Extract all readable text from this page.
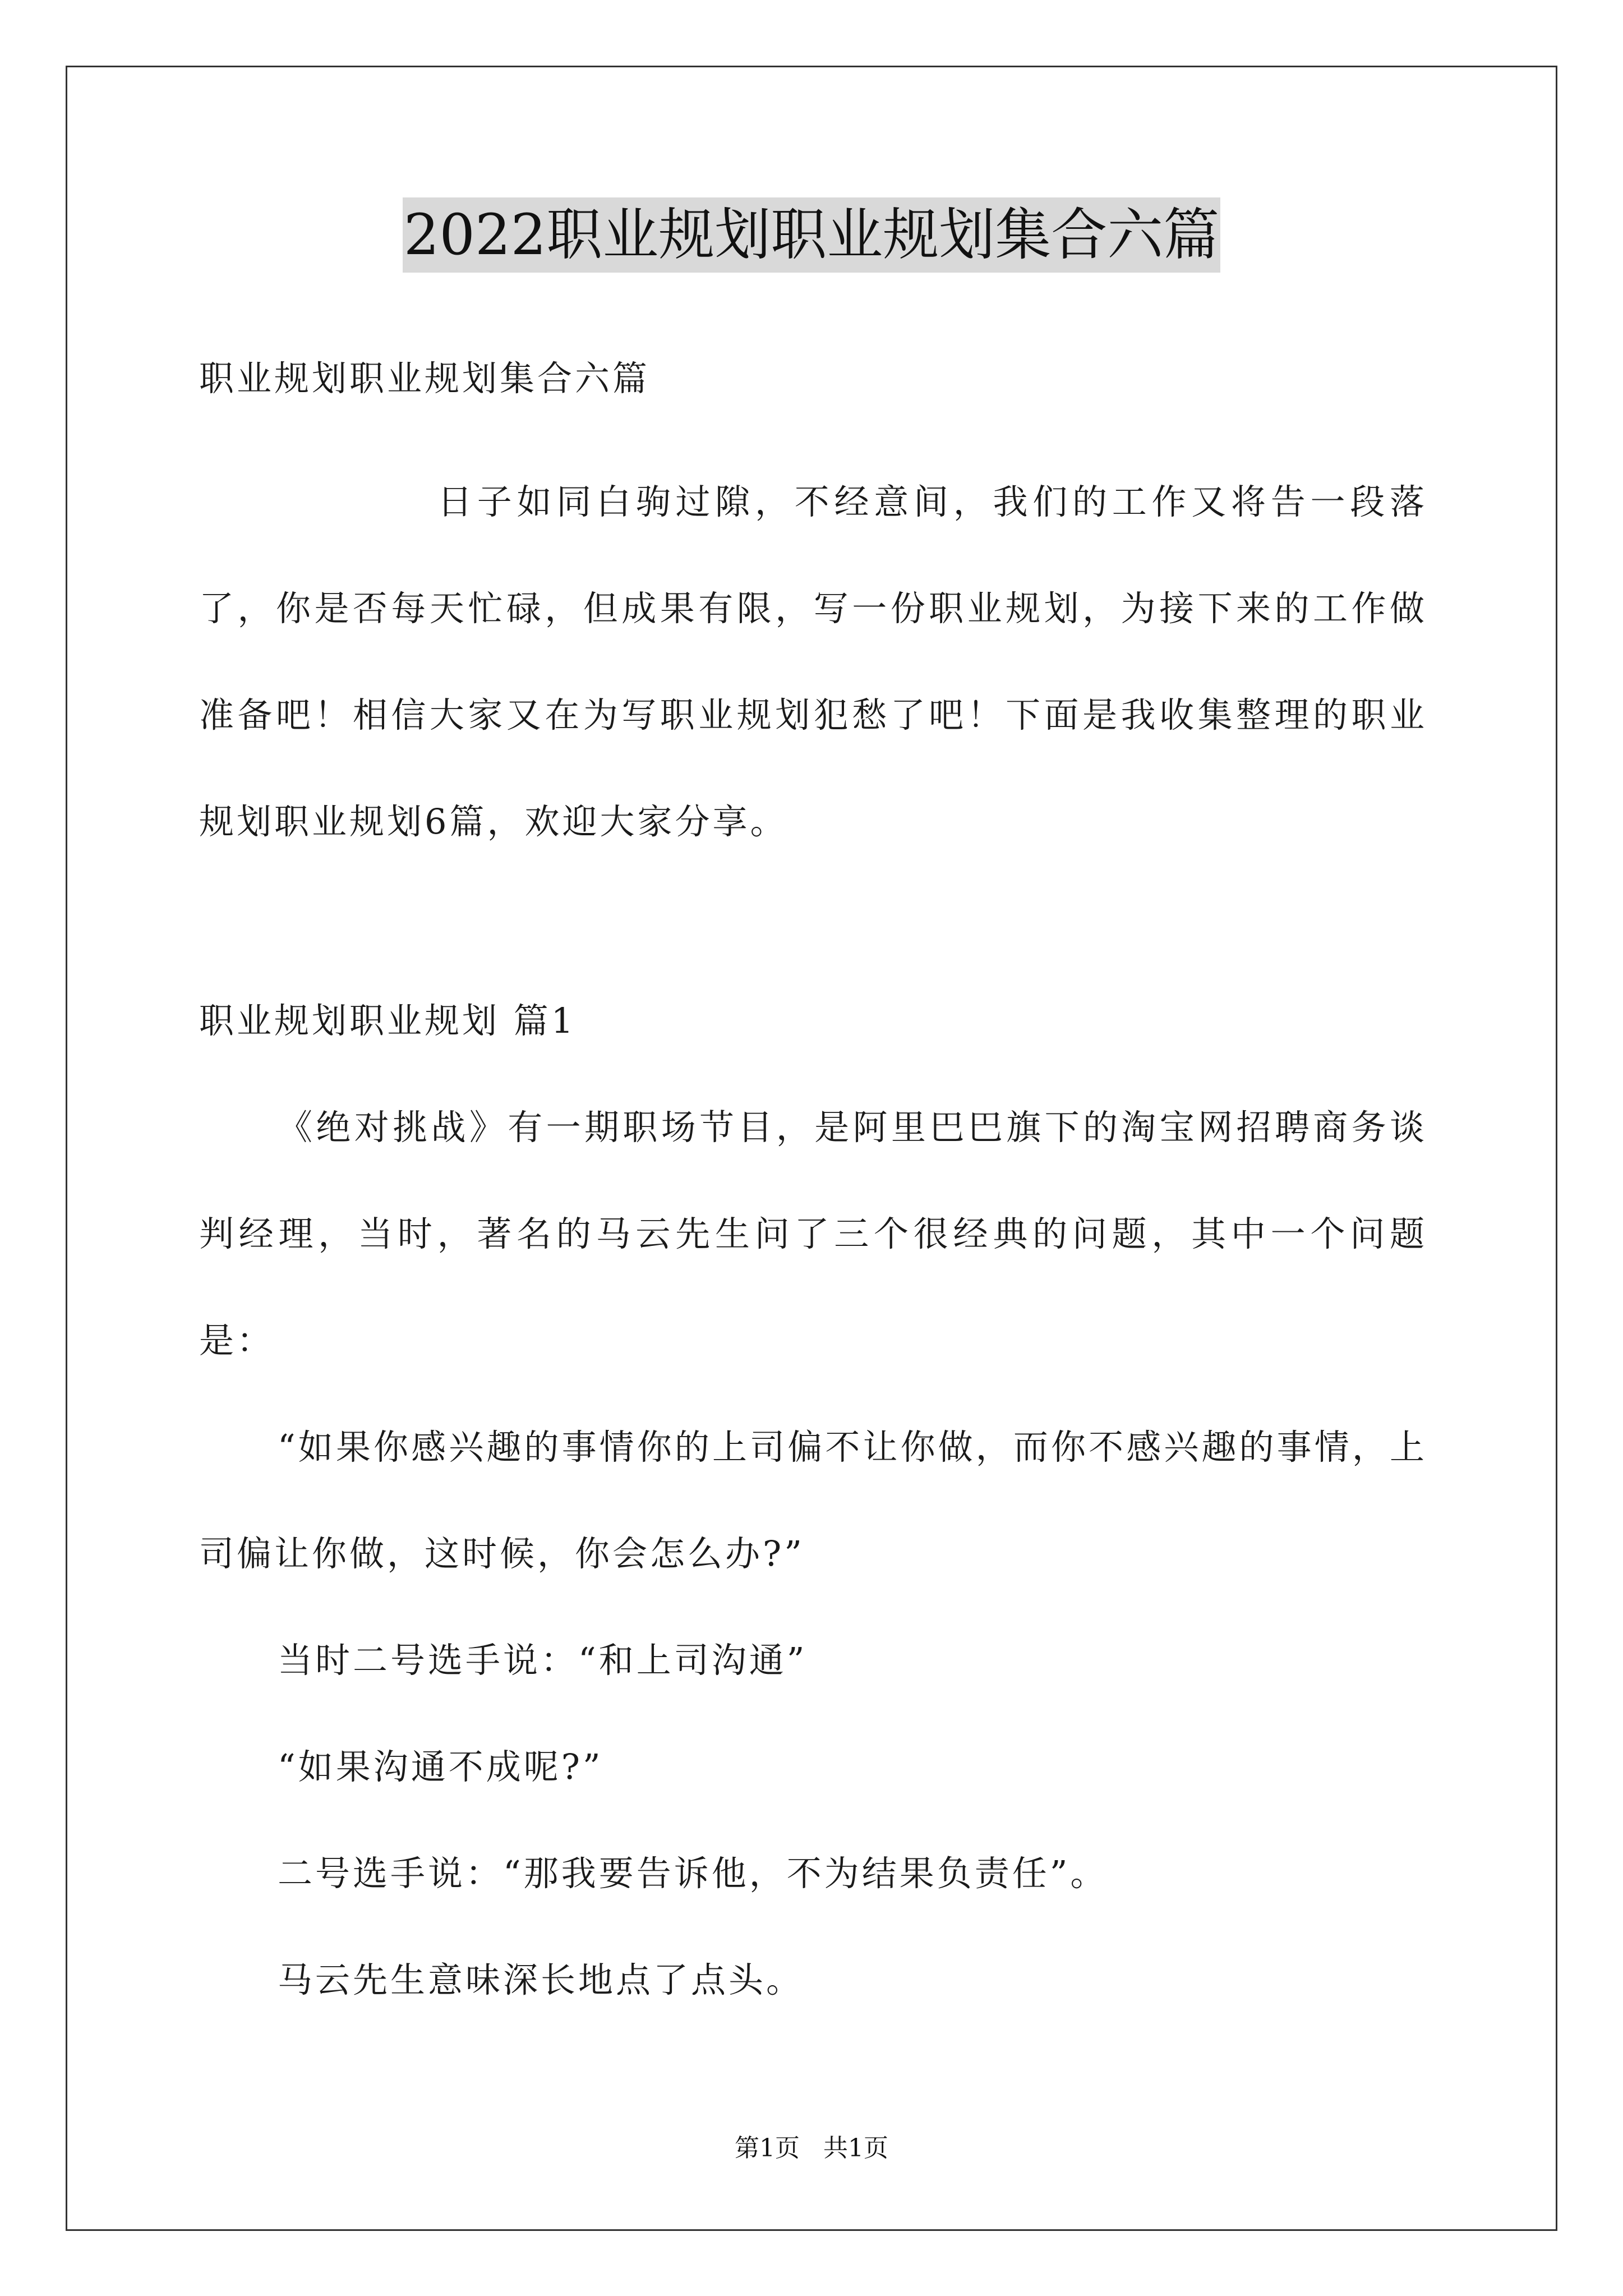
2022职业规划职业规划集合六篇

职业规划职业规划集合六篇

日子如同白驹过隙，不经意间，我们的工作又将告一段落了，你是否每天忙碌，但成果有限，写一份职业规划，为接下来的工作做准备吧！相信大家又在为写职业规划犯愁了吧！下面是我收集整理的职业规划职业规划6篇，欢迎大家分享。

职业规划职业规划 篇1

《绝对挑战》有一期职场节目，是阿里巴巴旗下的淘宝网招聘商务谈判经理，当时，著名的马云先生问了三个很经典的问题，其中一个问题是：

“如果你感兴趣的事情你的上司偏不让你做，而你不感兴趣的事情，上司偏让你做，这时候，你会怎么办?”

当时二号选手说：“和上司沟通”

“如果沟通不成呢?”

二号选手说：“那我要告诉他，不为结果负责任”。

马云先生意味深长地点了点头。

第1页   共1页
